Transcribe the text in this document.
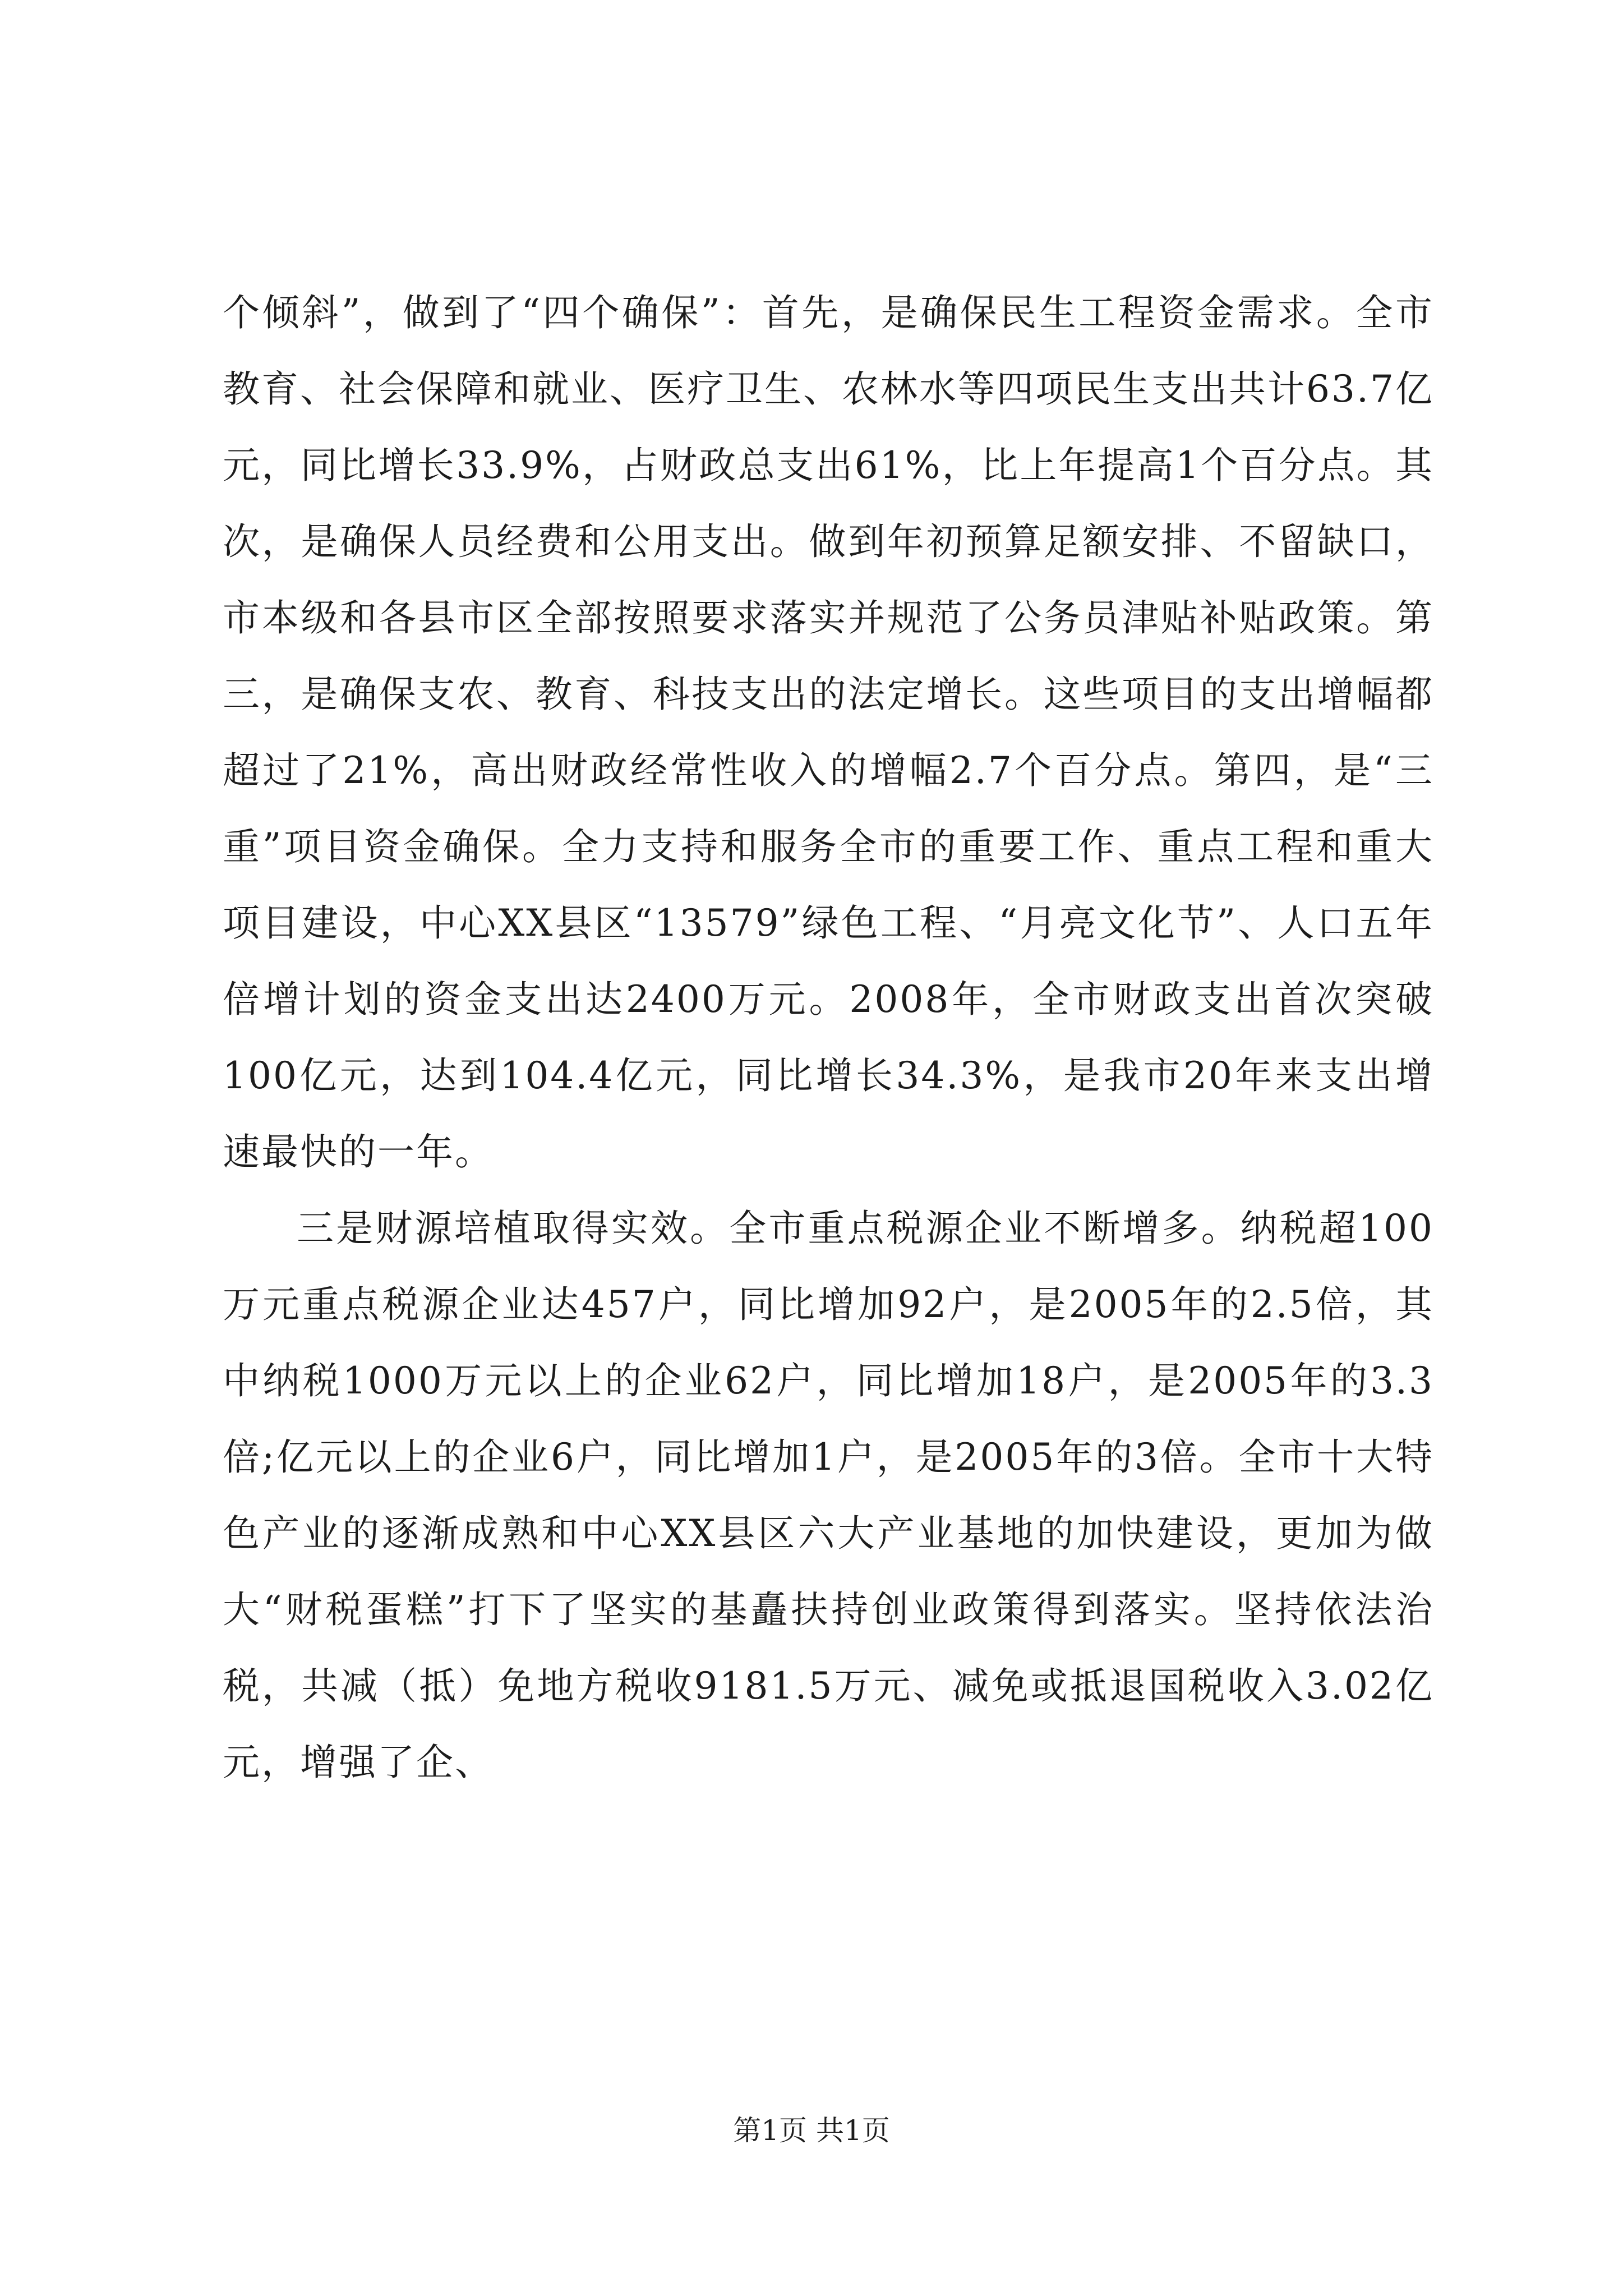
个倾斜”，做到了“四个确保”：首先，是确保民生工程资金需求。全市教育、社会保障和就业、医疗卫生、农林水等四项民生支出共计63.7亿元，同比增长33.9%，占财政总支出61%，比上年提高1个百分点。其次，是确保人员经费和公用支出。做到年初预算足额安排、不留缺口，市本级和各县市区全部按照要求落实并规范了公务员津贴补贴政策。第三，是确保支农、教育、科技支出的法定增长。这些项目的支出增幅都超过了21%，高出财政经常性收入的增幅2.7个百分点。第四，是“三重”项目资金确保。全力支持和服务全市的重要工作、重点工程和重大项目建设，中心XX县区“13579”绿色工程、“月亮文化节”、人口五年倍增计划的资金支出达2400万元。2008年，全市财政支出首次突破100亿元，达到104.4亿元，同比增长34.3%，是我市20年来支出增速最快的一年。

三是财源培植取得实效。全市重点税源企业不断增多。纳税超100万元重点税源企业达457户，同比增加92户，是2005年的2.5倍，其中纳税1000万元以上的企业62户，同比增加18户，是2005年的3.3倍;亿元以上的企业6户，同比增加1户，是2005年的3倍。全市十大特色产业的逐渐成熟和中心XX县区六大产业基地的加快建设，更加为做大“财税蛋糕”打下了坚实的基矗扶持创业政策得到落实。坚持依法治税，共减（抵）免地方税收9181.5万元、减免或抵退国税收入3.02亿元，增强了企、

第1页 共1页
